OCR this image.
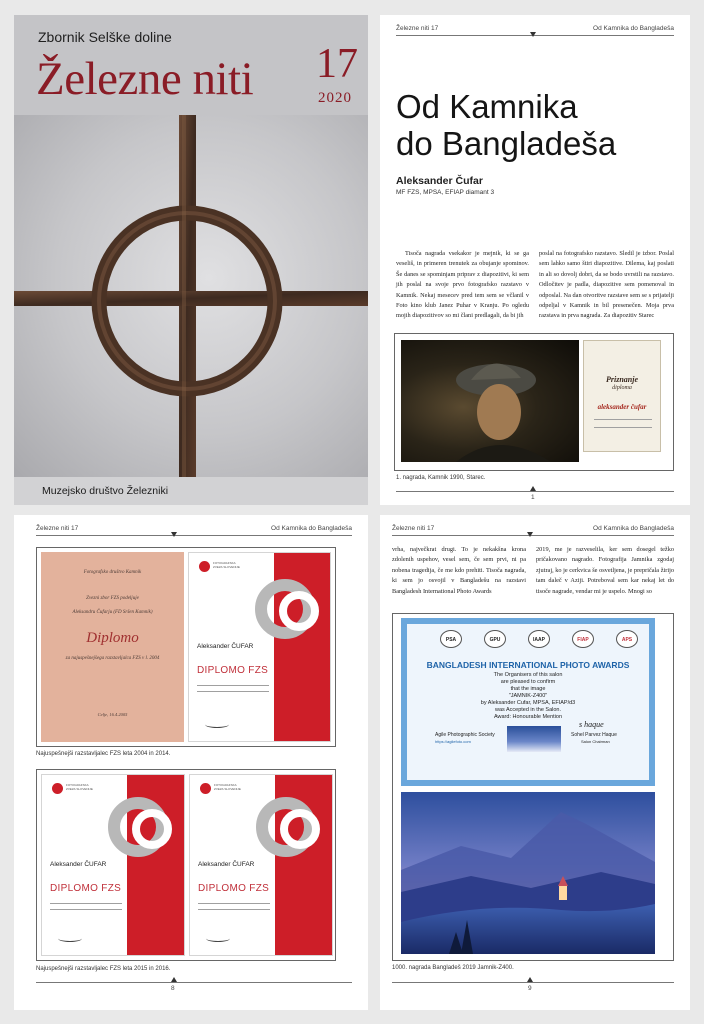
Zbornik Selške doline
Železne niti 17
2020
Muzejsko društvo Železniki
Železne niti 17	Od Kamnika do Bangladeša
Od Kamnika
do Bangladeša
Aleksander Čufar
MF FZS, MPSA, EFIAP diamant 3

Tisoča nagrada vsekakor je mejnik, ki se ga veseliš, in primeren trenutek za obujanje spominov. Še danes se spominjam priprav z diapozitivi, ki sem jih poslal na svoje prvo fotografsko razstavo v Kamnik. Nekaj mesecev pred tem sem se včlanil v Foto kino klub Janez Puhar v Kranju. Po ogledu mojih diapozitivov so mi člani predlagali, da bi jih

poslal na fotografsko razstavo. Sledil je izbor. Poslal sem lahko samo štiri diapozitive. Dilema, kaj poslati in ali so dovolj dobri, da se bodo uvrstili na razstavo. Odločitev je padla, diapozitive sem pomenoval in odposlal. Na dan otvoritve razstave sem se s prijatelji odpeljal v Kamnik in bil presenečen. Moja prva razstava in prva nagrada. Za diapozitiv Starec

Priznanje
diploma
aleksander čufar
1. nagrada, Kamnik 1990, Starec.
1
Železne niti 17	Od Kamnika do Bangladeša
Fotografsko društvo Kamnik
Zvezni zbor FZS podeljuje
Aleksandru Čufarju (FD Sršen Kamnik)
Diplomo
za najuspešnejšega razstavljalca FZS v l. 2004
Celje, 16.4.2005
FOTOGRAFSKA ZVEZA SLOVENIJE
Aleksander ČUFAR
DIPLOMO FZS
Najuspešnejši razstavljalec FZS leta 2004 in 2014.
FOTOGRAFSKA ZVEZA SLOVENIJE
Aleksander ČUFAR
DIPLOMO FZS
FOTOGRAFSKA ZVEZA SLOVENIJE
Aleksander ČUFAR
DIPLOMO FZS
Najuspešnejši razstavljalec FZS leta 2015 in 2016.
8
Železne niti 17	Od Kamnika do Bangladeša

vrha, največkrat drugi. To je nekakšna krona zdolenih uspehov, vesel sem, če sem prvi, ni pa nobena tragedija, če me kdo prehiti. Tisoča nagrada, ki sem jo osvojil v Bangladešu na razstavi Bangladesh International Photo Awards

2019, me je razveselila, ker sem dosegel težko pričakovano nagrado. Fotografija Jamnika zgodaj zjutraj, ko je cerkvica še osvetljena, je prepričala žirijo tam daleč v Aziji. Potreboval sem kar nekaj let do tisoče nagrade, vendar mi je uspelo. Mnogi so

PSA	GPU	IAAP	FIAP	APS
BANGLADESH INTERNATIONAL PHOTO AWARDS
The Organisers of this salon
are pleased to confirm
that the image
"JAMNIK-Z400"
by Aleksander Cufar, MPSA, EFIAP/d3
was Accepted in the Salon.
Award: Honourable Mention
Agile Photographic Society
https://agilefoto.com
s haque
Sohel Parvez Haque
Salon Chairman
1000. nagrada Bangladeš 2019 Jamnik-Z400.
9
